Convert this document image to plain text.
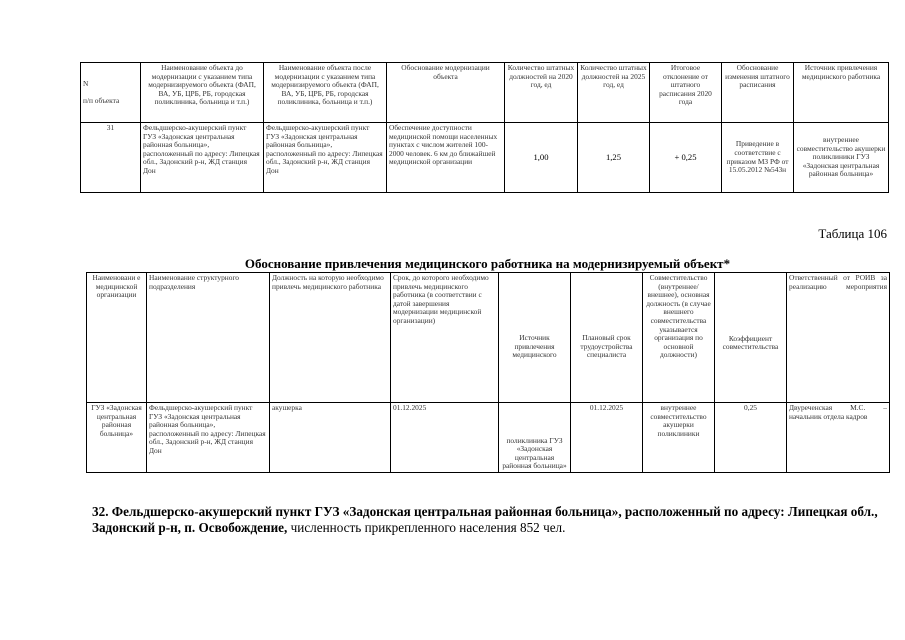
N

п/п объекта	Наименование объекта до модернизации с указанием типа модернизируемого объекта (ФАП, ВА, УБ, ЦРБ, РБ, городская поликлиника, больница и т.п.)	Наименование объекта после модернизации с указанием типа модернизируемого объекта (ФАП, ВА, УБ, ЦРБ, РБ, городская поликлиника, больница и т.п.)	Обоснование модернизации объекта	Количество штатных должностей на 2020 год, ед	Количество штатных должностей на 2025 год, ед	Итоговое отклонение от штатного расписания 2020 года	Обоснование изменения штатного расписания	Источник привлечения медицинского работника
31	Фельдшерско-акушерский пункт ГУЗ «Задонская центральная районная больница», расположенный по адресу: Липецкая обл., Задонский р-н, ЖД станция Дон	Фельдшерско-акушерский пункт ГУЗ «Задонская центральная районная больница», расположенный по адресу: Липецкая обл., Задонский р-н, ЖД станция Дон	Обеспечение доступности медицинской помощи населенных пунктах с числом жителей 100-2000 человек. 6 км до ближайшей медицинской организации	1,00	1,25	+ 0,25	Приведение в соответствие с приказом МЗ РФ от 15.05.2012 №543н	внутреннее совместительство акушерки поликлиники ГУЗ «Задонская центральная районная больница»
Таблица 106
Обоснование привлечения медицинского работника на модернизируемый объект*
Наименовани е медицинской организации	Наименование структурного подразделения	Должность на которую необходимо привлечь медицинского работника	Срок, до которого необходимо привлечь медицинского работника (в соответствии с датой завершения модернизации медицинской организации)	Источник привлечения медицинского	Плановый срок трудоустройства специалиста	Совместительство (внутреннее/внешнее), основная должность (в случае внешнего совместительства указывается организация по основной должности)	Коэффициент совместительства	Ответственный от РОИВ за реализацию мероприятия
ГУЗ «Задонская центральная районная больница»	Фельдшерско-акушерский пункт ГУЗ «Задонская центральная районная больница», расположенный по адресу: Липецкая обл., Задонский р-н, ЖД станция Дон	акушерка	01.12.2025	поликлиника ГУЗ «Задонская центральная районная больница»	01.12.2025	внутреннее совместительство акушерки поликлиники	0,25	Двуреченская М.С. – начальник отдела кадров
32. Фельдшерско-акушерский пункт ГУЗ «Задонская центральная районная больница», расположенный по адресу: Липецкая обл., Задонский р-н, п. Освобождение, численность прикрепленного населения 852 чел.
